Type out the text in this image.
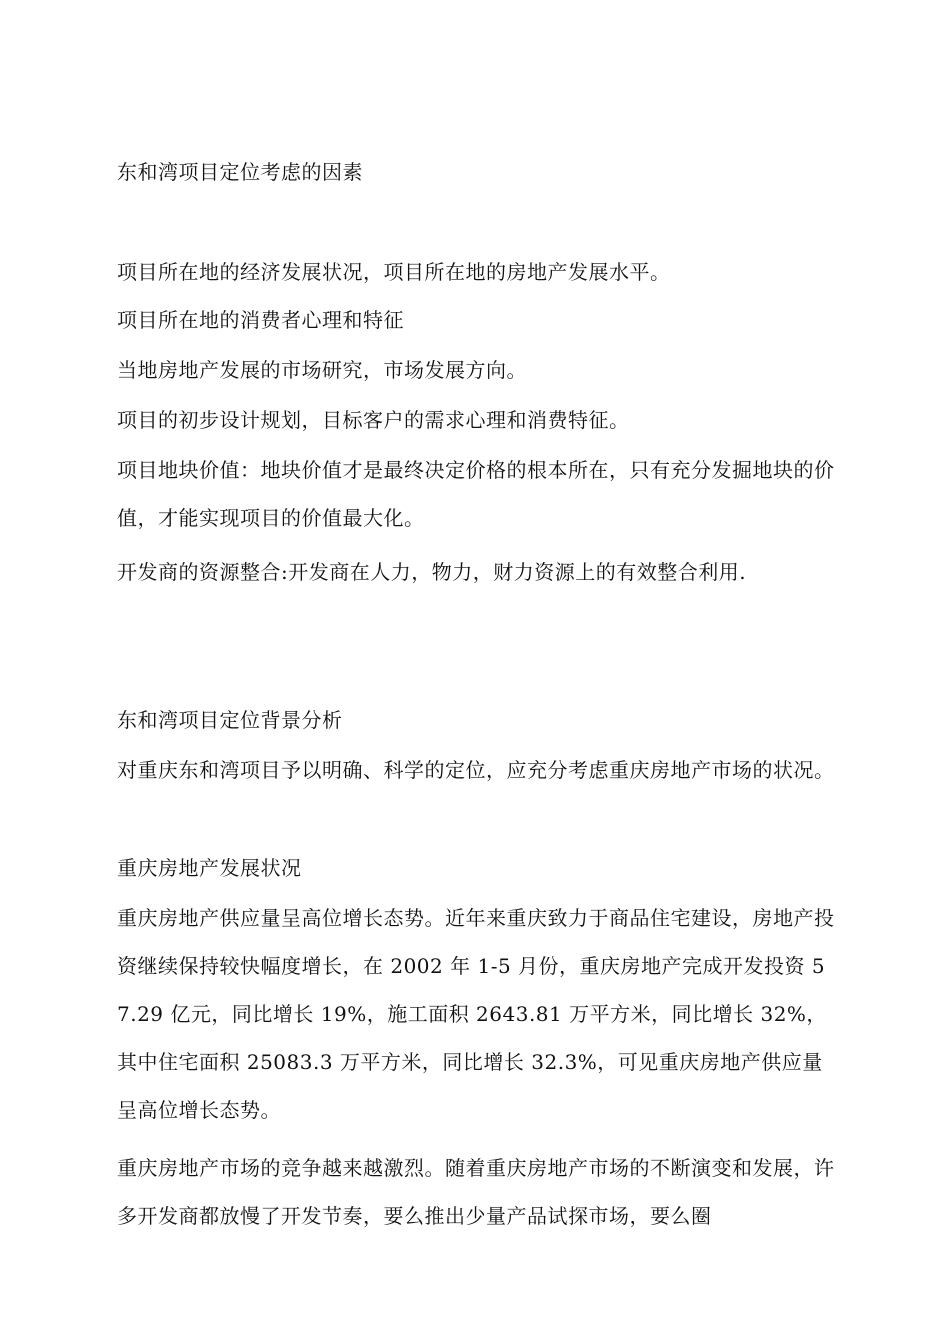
东和湾项目定位考虑的因素

项目所在地的经济发展状况，项目所在地的房地产发展水平。

项目所在地的消费者心理和特征

当地房地产发展的市场研究，市场发展方向。

项目的初步设计规划，目标客户的需求心理和消费特征。

项目地块价值：地块价值才是最终决定价格的根本所在，只有充分发掘地块的价值，才能实现项目的价值最大化。

开发商的资源整合:开发商在人力，物力，财力资源上的有效整合利用.

东和湾项目定位背景分析

对重庆东和湾项目予以明确、科学的定位，应充分考虑重庆房地产市场的状况。

重庆房地产发展状况

重庆房地产供应量呈高位增长态势。近年来重庆致力于商品住宅建设，房地产投资继续保持较快幅度增长，在 2002 年 1-5 月份，重庆房地产完成开发投资 57.29 亿元，同比增长 19%，施工面积 2643.81 万平方米，同比增长 32%，其中住宅面积 25083.3 万平方米，同比增长 32.3%，可见重庆房地产供应量呈高位增长态势。

重庆房地产市场的竞争越来越激烈。随着重庆房地产市场的不断演变和发展，许多开发商都放慢了开发节奏，要么推出少量产品试探市场，要么圈
